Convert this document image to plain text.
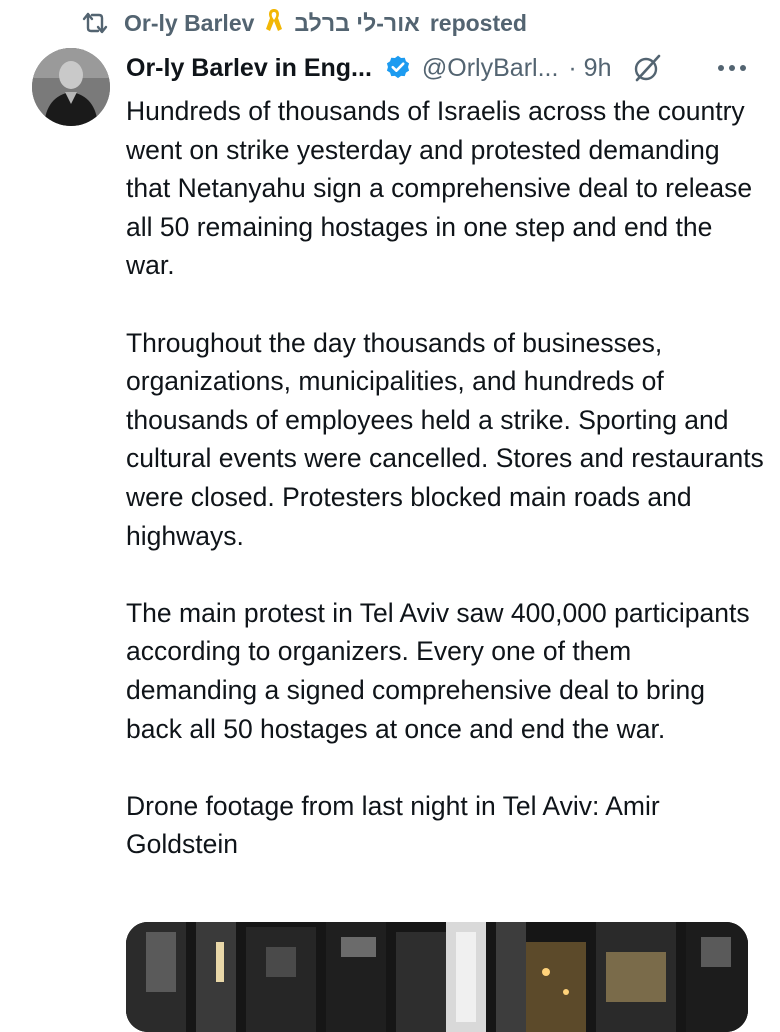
Or-ly Barlev אור-לי ברלב reposted
Or-ly Barlev in Eng... @OrlyBarl... · 9h

Hundreds of thousands of Israelis across the country went on strike yesterday and protested demanding that Netanyahu sign a comprehensive deal to release all 50 remaining hostages in one step and end the war.

Throughout the day thousands of businesses, organizations, municipalities, and hundreds of thousands of employees held a strike. Sporting and cultural events were cancelled. Stores and restaurants were closed. Protesters blocked main roads and highways.

The main protest in Tel Aviv saw 400,000 participants according to organizers. Every one of them demanding a signed comprehensive deal to bring back all 50 hostages at once and end the war.

Drone footage from last night in Tel Aviv: Amir Goldstein
